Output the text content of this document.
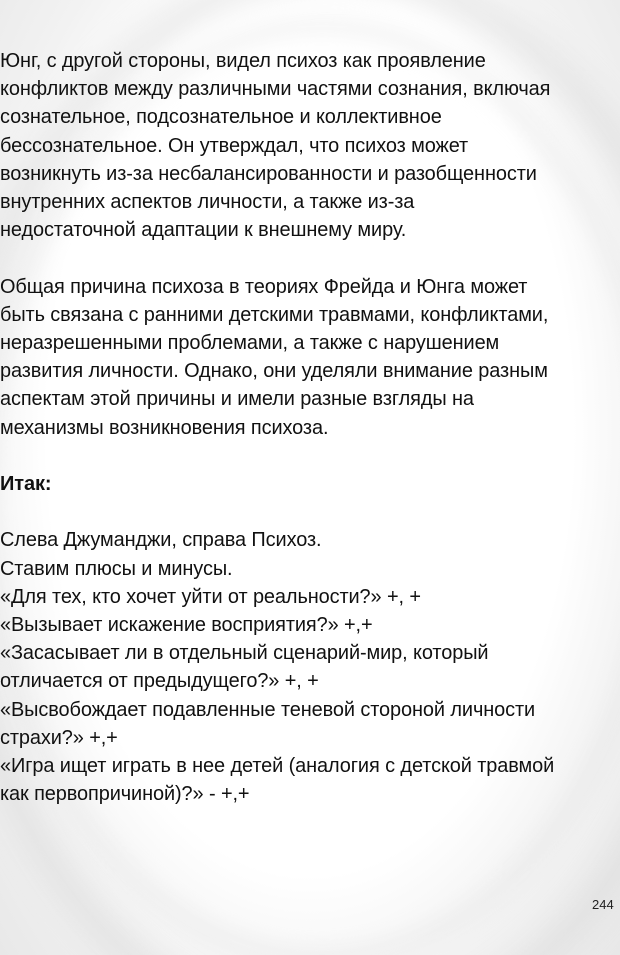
Юнг, с другой стороны, видел психоз как проявление
конфликтов между различными частями сознания, включая
сознательное, подсознательное и коллективное
бессознательное. Он утверждал, что психоз может
возникнуть из-за несбалансированности и разобщенности
внутренних аспектов личности, а также из-за
недостаточной адаптации к внешнему миру.

Общая причина психоза в теориях Фрейда и Юнга может
быть связана с ранними детскими травмами, конфликтами,
неразрешенными проблемами, а также с нарушением
развития личности. Однако, они уделяли внимание разным
аспектам этой причины и имели разные взгляды на
механизмы возникновения психоза.

Итак:

Слева Джуманджи, справа Психоз.
Ставим плюсы и минусы.
«Для тех, кто хочет уйти от реальности?» +, +
«Вызывает искажение восприятия?» +,+
«Засасывает ли в отдельный сценарий-мир, который
отличается от предыдущего?» +, +
«Высвобождает подавленные теневой стороной личности
страхи?» +,+
«Игра ищет играть в нее детей (аналогия с детской травмой
как первопричиной)?» - +,+

244
